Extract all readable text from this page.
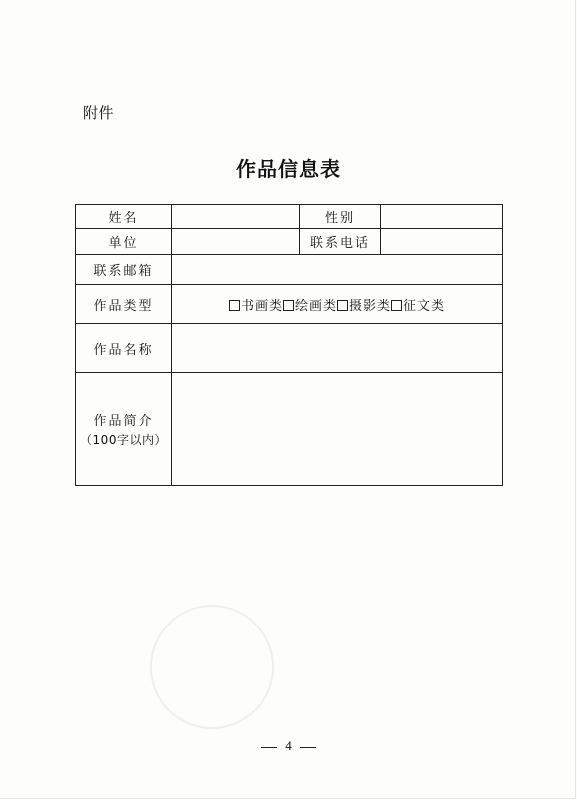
附件
作品信息表
姓名		性别	
单位		联系电话	
联系邮箱			
作品类型	书画类 绘画类 摄影类 征文类		
作品名称			
作品简介
（100字以内）			

4
